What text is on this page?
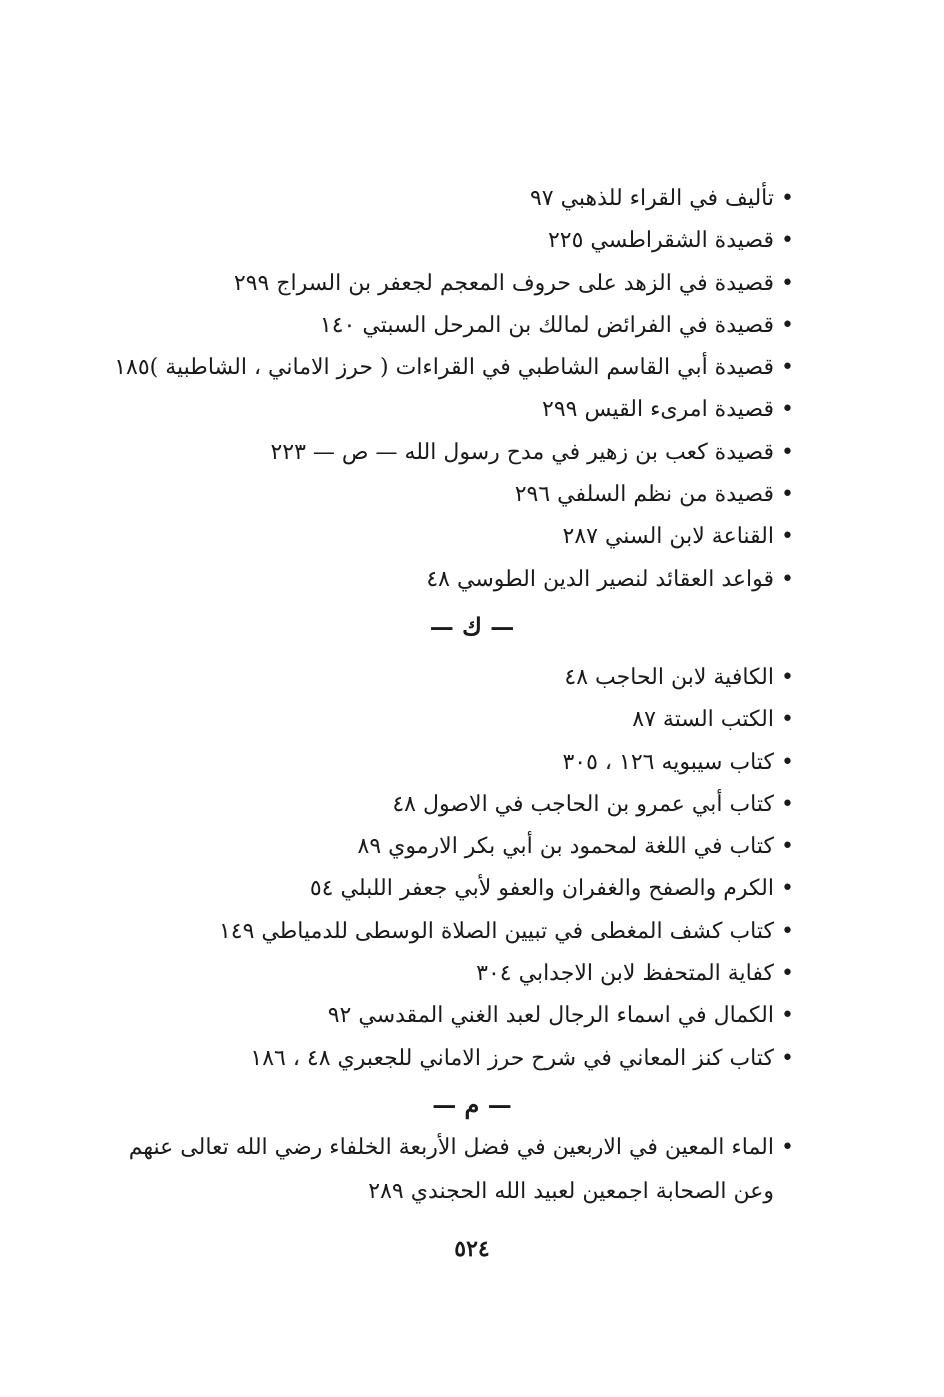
•
تأليف في القراء للذهبي ٩٧
•
قصيدة الشقراطسي ٢٢٥
•
قصيدة في الزهد على حروف المعجم لجعفر بن السراج ٢٩٩
•
قصيدة في الفرائض لمالك بن المرحل السبتي ١٤٠
•
قصيدة أبي القاسم الشاطبي في القراءات ( حرز الاماني ، الشاطبية )١٨٥
•
قصيدة امرىء القيس ٢٩٩
•
قصيدة كعب بن زهير في مدح رسول الله — ص — ٢٢٣
•
قصيدة من نظم السلفي ٢٩٦
•
القناعة لابن السني ٢٨٧
•
قواعد العقائد لنصير الدين الطوسي ٤٨
— ك —
•
الكافية لابن الحاجب ٤٨
•
الكتب الستة ٨٧
•
كتاب سيبويه ١٢٦ ، ٣٠٥
•
كتاب أبي عمرو بن الحاجب في الاصول ٤٨
•
كتاب في اللغة لمحمود بن أبي بكر الارموي ٨٩
•
الكرم والصفح والغفران والعفو لأبي جعفر اللبلي ٥٤
•
كتاب كشف المغطى في تبيين الصلاة الوسطى للدمياطي ١٤٩
•
كفاية المتحفظ لابن الاجدابي ٣٠٤
•
الكمال في اسماء الرجال لعبد الغني المقدسي ٩٢
•
كتاب كنز المعاني في شرح حرز الاماني للجعبري ٤٨ ، ١٨٦
— م —
•
الماء المعين في الاربعين في فضل الأربعة الخلفاء رضي الله تعالى عنهم وعن الصحابة اجمعين لعبيد الله الحجندي ٢٨٩
٥٢٤
